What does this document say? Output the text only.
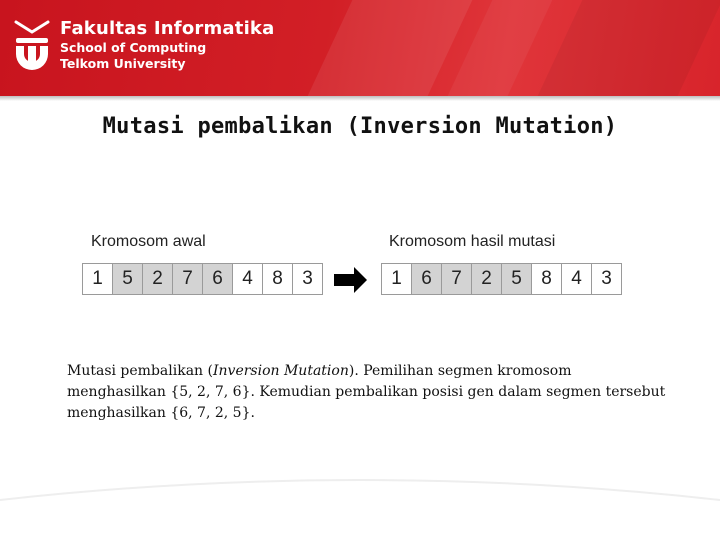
Fakultas Informatika
School of Computing
Telkom University
Mutasi pembalikan (Inversion Mutation)
Kromosom awal
1	5	2	7	6	4	8	3
Kromosom hasil mutasi
1	6	7	2	5	8	4	3
Mutasi pembalikan (Inversion Mutation). Pemilihan segmen kromosom menghasilkan {5, 2, 7, 6}. Kemudian pembalikan posisi gen dalam segmen tersebut menghasilkan {6, 7, 2, 5}.
